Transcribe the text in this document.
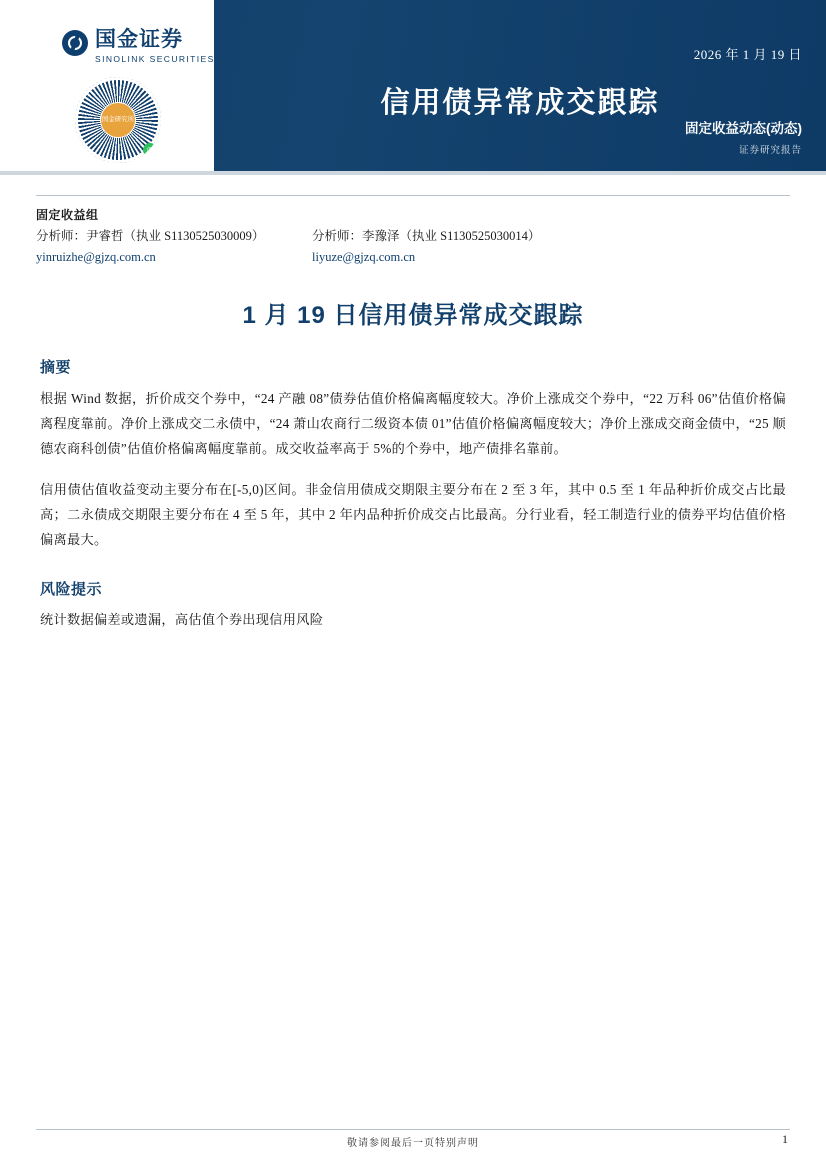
国金证券
SINOLINK SECURITIES
国金研究所
✆
2026 年 1 月 19 日
信用债异常成交跟踪
固定收益动态(动态)
证券研究报告
固定收益组
分析师：尹睿哲（执业 S1130525030009）	分析师：李豫泽（执业 S1130525030014）
yinruizhe@gjzq.com.cn	liyuze@gjzq.com.cn
1 月 19 日信用债异常成交跟踪
摘要
根据 Wind 数据，折价成交个券中，“24 产融 08”债券估值价格偏离幅度较大。净价上涨成交个券中，“22 万科 06”估值价格偏离程度靠前。净价上涨成交二永债中，“24 萧山农商行二级资本债 01”估值价格偏离幅度较大；净价上涨成交商金债中，“25 顺德农商科创债”估值价格偏离幅度靠前。成交收益率高于 5%的个券中，地产债排名靠前。
信用债估值收益变动主要分布在[-5,0)区间。非金信用债成交期限主要分布在 2 至 3 年，其中 0.5 至 1 年品种折价成交占比最高；二永债成交期限主要分布在 4 至 5 年，其中 2 年内品种折价成交占比最高。分行业看，轻工制造行业的债券平均估值价格偏离最大。
风险提示
统计数据偏差或遗漏，高估值个券出现信用风险
敬请参阅最后一页特别声明	1
